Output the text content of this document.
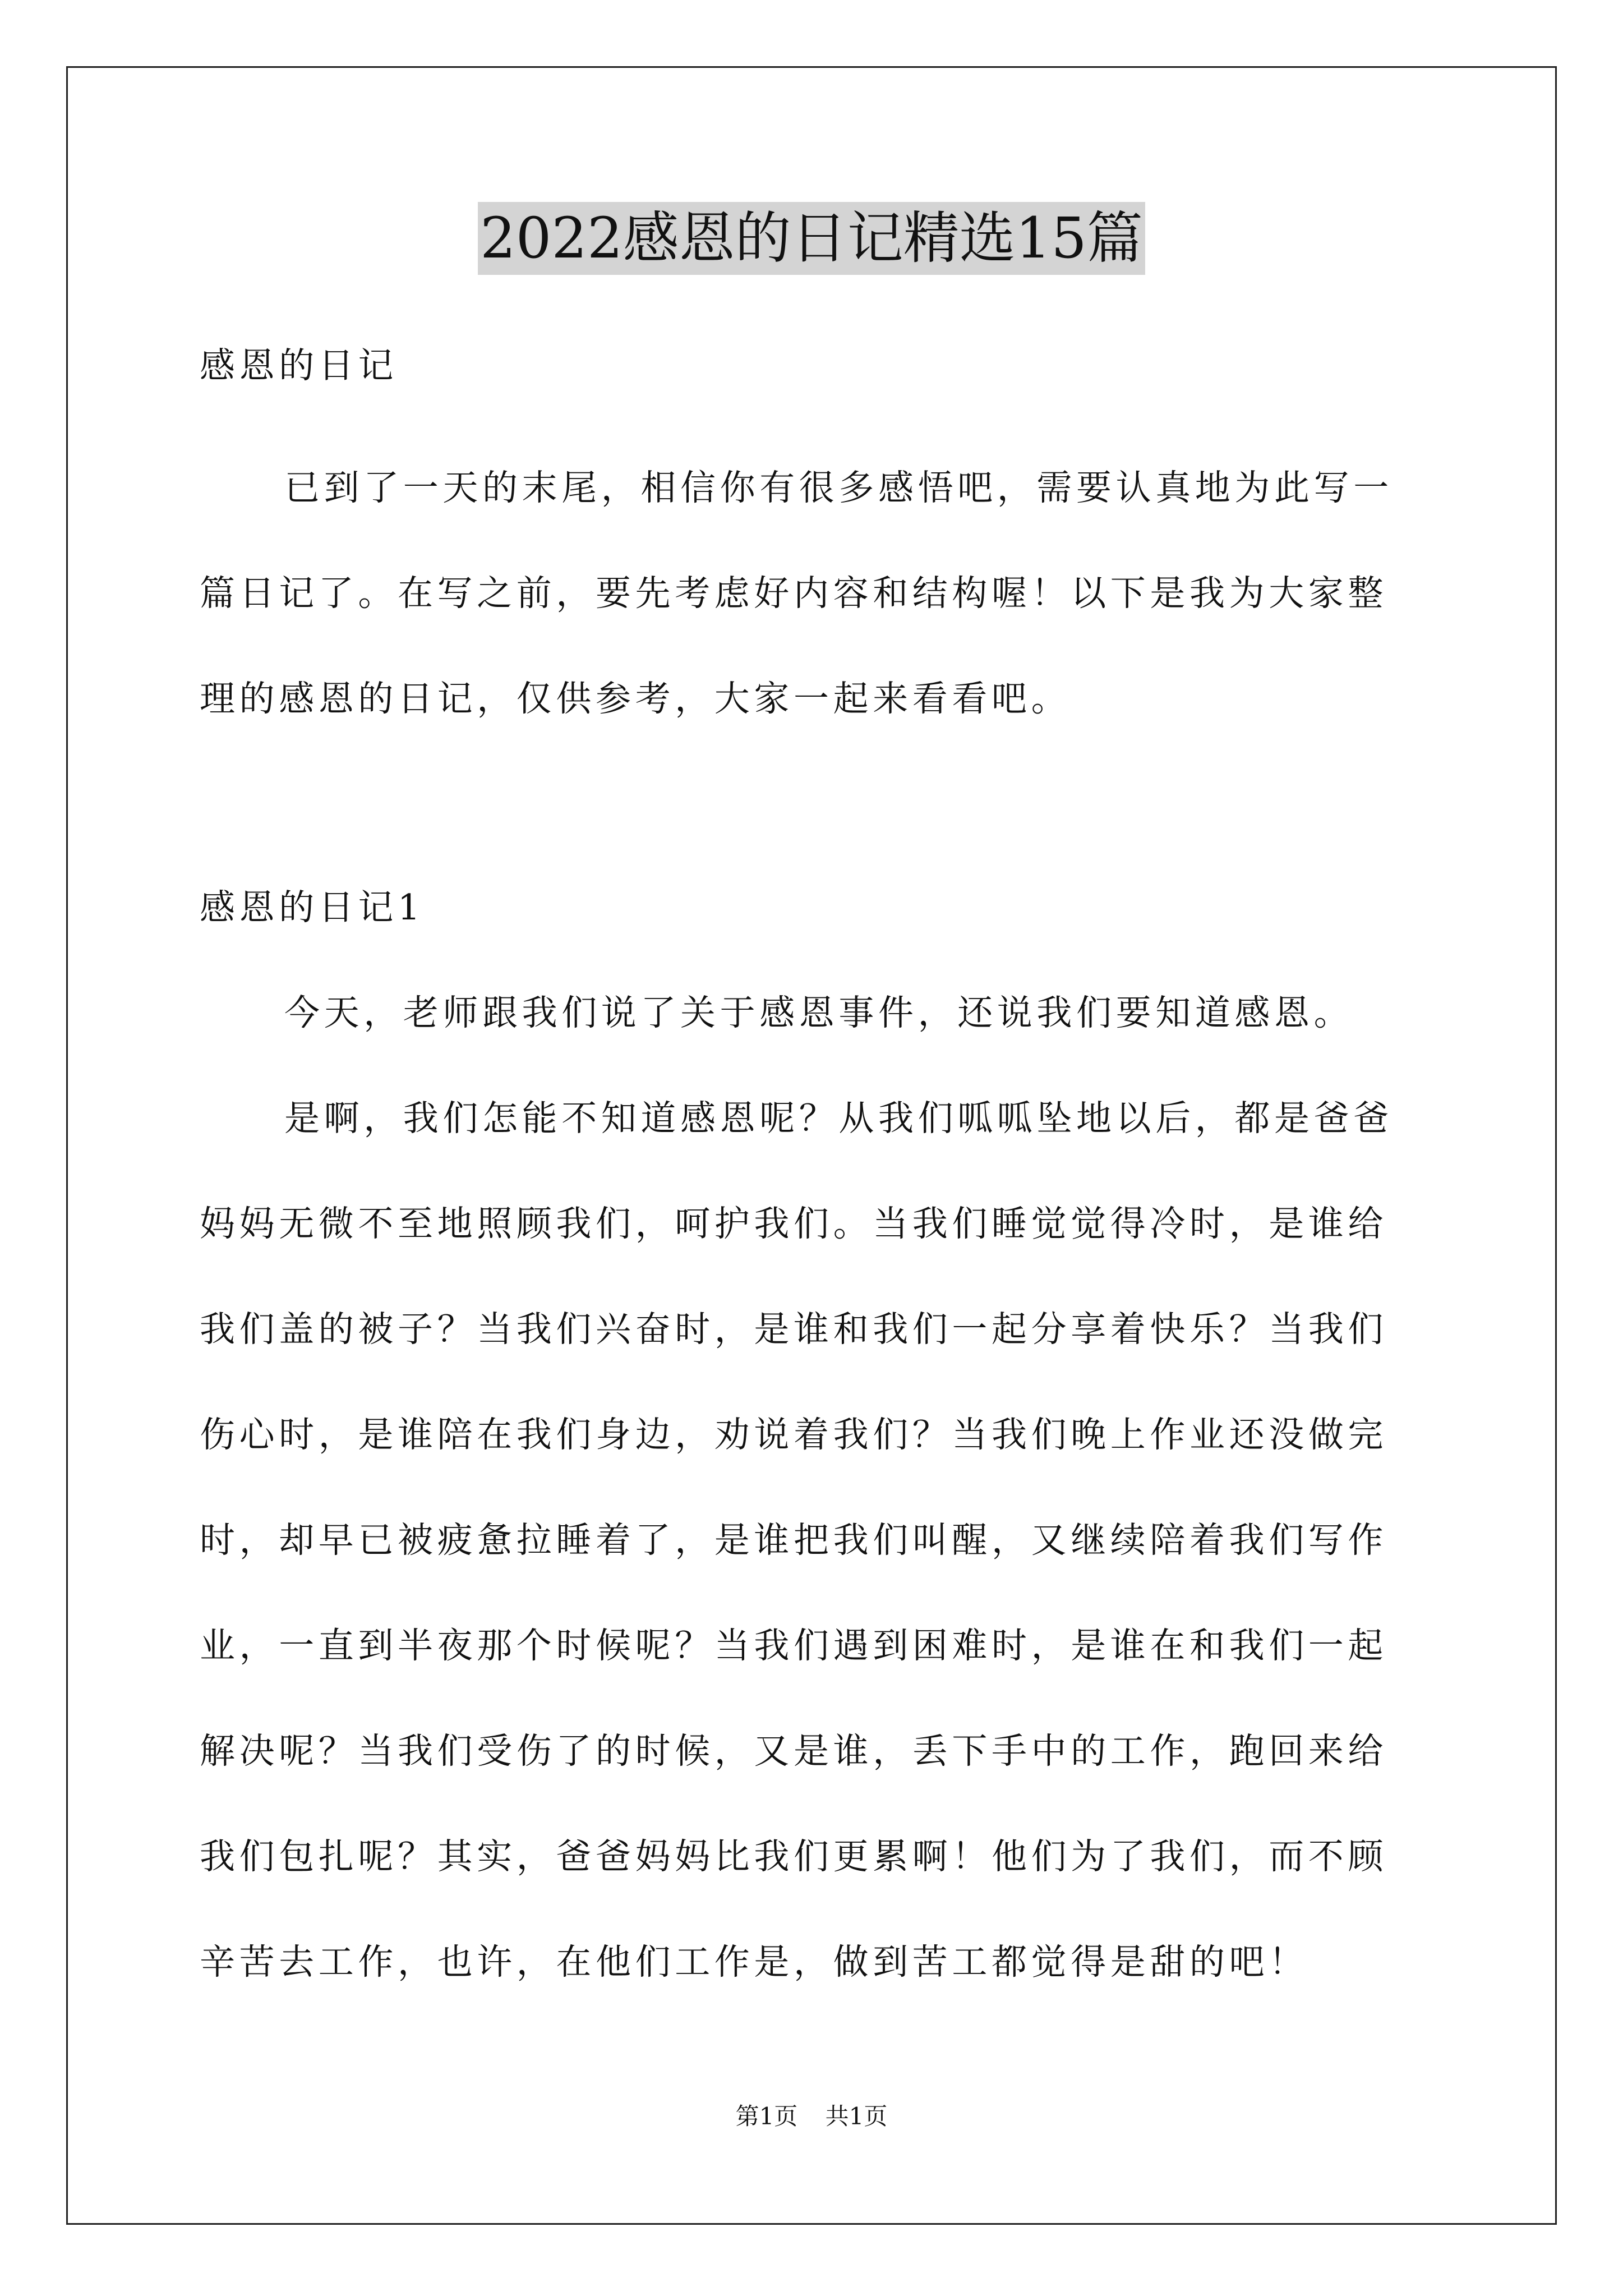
2022感恩的日记精选15篇
感恩的日记
已到了一天的末尾，相信你有很多感悟吧，需要认真地为此写一
篇日记了。在写之前，要先考虑好内容和结构喔！以下是我为大家整
理的感恩的日记，仅供参考，大家一起来看看吧。
感恩的日记1
今天，老师跟我们说了关于感恩事件，还说我们要知道感恩。
是啊，我们怎能不知道感恩呢？从我们呱呱坠地以后，都是爸爸
妈妈无微不至地照顾我们，呵护我们。当我们睡觉觉得冷时，是谁给
我们盖的被子？当我们兴奋时，是谁和我们一起分享着快乐？当我们
伤心时，是谁陪在我们身边，劝说着我们？当我们晚上作业还没做完
时，却早已被疲惫拉睡着了，是谁把我们叫醒，又继续陪着我们写作
业，一直到半夜那个时候呢？当我们遇到困难时，是谁在和我们一起
解决呢？当我们受伤了的时候，又是谁，丢下手中的工作，跑回来给
我们包扎呢？其实，爸爸妈妈比我们更累啊！他们为了我们，而不顾
辛苦去工作，也许，在他们工作是，做到苦工都觉得是甜的吧！
第1页 共1页
